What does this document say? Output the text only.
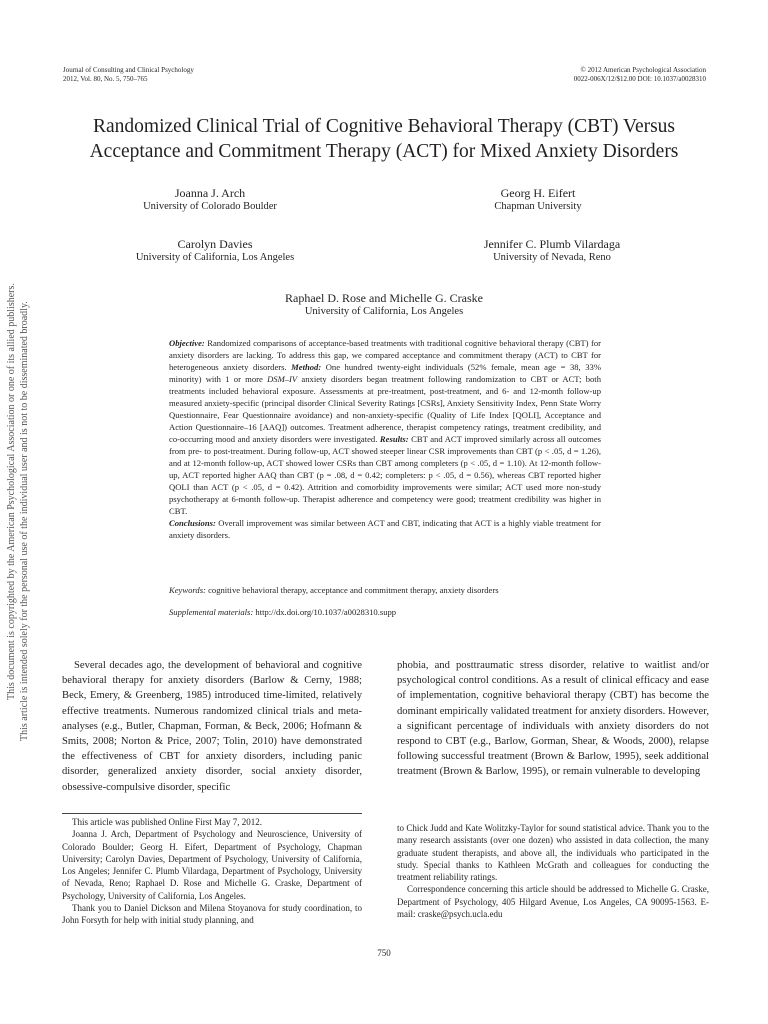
This document is copyrighted by the American Psychological Association or one of its allied publishers. This article is intended solely for the personal use of the individual user and is not to be disseminated broadly.
Journal of Consulting and Clinical Psychology
2012, Vol. 80, No. 5, 750–765
© 2012 American Psychological Association
0022-006X/12/$12.00 DOI: 10.1037/a0028310
Randomized Clinical Trial of Cognitive Behavioral Therapy (CBT) Versus
Acceptance and Commitment Therapy (ACT) for Mixed Anxiety Disorders
Joanna J. Arch
University of Colorado Boulder
Georg H. Eifert
Chapman University
Carolyn Davies
University of California, Los Angeles
Jennifer C. Plumb Vilardaga
University of Nevada, Reno
Raphael D. Rose and Michelle G. Craske
University of California, Los Angeles
Objective: Randomized comparisons of acceptance-based treatments with traditional cognitive behavioral therapy (CBT) for anxiety disorders are lacking. To address this gap, we compared acceptance and commitment therapy (ACT) to CBT for heterogeneous anxiety disorders. Method: One hundred twenty-eight individuals (52% female, mean age = 38, 33% minority) with 1 or more DSM–IV anxiety disorders began treatment following randomization to CBT or ACT; both treatments included behavioral exposure. Assessments at pre-treatment, post-treatment, and 6- and 12-month follow-up measured anxiety-specific (principal disorder Clinical Severity Ratings [CSRs], Anxiety Sensitivity Index, Penn State Worry Questionnaire, Fear Questionnaire avoidance) and non-anxiety-specific (Quality of Life Index [QOLI], Acceptance and Action Questionnaire–16 [AAQ]) outcomes. Treatment adherence, therapist competency ratings, treatment credibility, and co-occurring mood and anxiety disorders were investigated. Results: CBT and ACT improved similarly across all outcomes from pre- to post-treatment. During follow-up, ACT showed steeper linear CSR improvements than CBT (p < .05, d = 1.26), and at 12-month follow-up, ACT showed lower CSRs than CBT among completers (p < .05, d = 1.10). At 12-month follow-up, ACT reported higher AAQ than CBT (p = .08, d = 0.42; completers: p < .05, d = 0.56), whereas CBT reported higher QOLI than ACT (p < .05, d = 0.42). Attrition and comorbidity improvements were similar; ACT used more non-study psychotherapy at 6-month follow-up. Therapist adherence and competency were good; treatment credibility was higher in CBT.
Conclusions: Overall improvement was similar between ACT and CBT, indicating that ACT is a highly viable treatment for anxiety disorders.
Keywords: cognitive behavioral therapy, acceptance and commitment therapy, anxiety disorders
Supplemental materials: http://dx.doi.org/10.1037/a0028310.supp
Several decades ago, the development of behavioral and cognitive behavioral therapy for anxiety disorders (Barlow & Cerny, 1988; Beck, Emery, & Greenberg, 1985) introduced time-limited, relatively effective treatments. Numerous randomized clinical trials and meta-analyses (e.g., Butler, Chapman, Forman, & Beck, 2006; Hofmann & Smits, 2008; Norton & Price, 2007; Tolin, 2010) have demonstrated the effectiveness of CBT for anxiety disorders, including panic disorder, generalized anxiety disorder, social anxiety disorder, obsessive-compulsive disorder, specific
phobia, and posttraumatic stress disorder, relative to waitlist and/or psychological control conditions. As a result of clinical efficacy and ease of implementation, cognitive behavioral therapy (CBT) has become the dominant empirically validated treatment for anxiety disorders. However, a significant percentage of individuals with anxiety disorders do not respond to CBT (e.g., Barlow, Gorman, Shear, & Woods, 2000), relapse following successful treatment (Brown & Barlow, 1995), seek additional treatment (Brown & Barlow, 1995), or remain vulnerable to developing

This article was published Online First May 7, 2012.

Joanna J. Arch, Department of Psychology and Neuroscience, University of Colorado Boulder; Georg H. Eifert, Department of Psychology, Chapman University; Carolyn Davies, Department of Psychology, University of California, Los Angeles; Jennifer C. Plumb Vilardaga, Department of Psychology, University of Nevada, Reno; Raphael D. Rose and Michelle G. Craske, Department of Psychology, University of California, Los Angeles.

Thank you to Daniel Dickson and Milena Stoyanova for study coordination, to John Forsyth for help with initial study planning, and

to Chick Judd and Kate Wolitzky-Taylor for sound statistical advice. Thank you to the many research assistants (over one dozen) who assisted in data collection, the many graduate student therapists, and above all, the individuals who participated in the study. Special thanks to Kathleen McGrath and colleagues for conducting the treatment reliability ratings.

Correspondence concerning this article should be addressed to Michelle G. Craske, Department of Psychology, 405 Hilgard Avenue, Los Angeles, CA 90095-1563. E-mail: craske@psych.ucla.edu

750
